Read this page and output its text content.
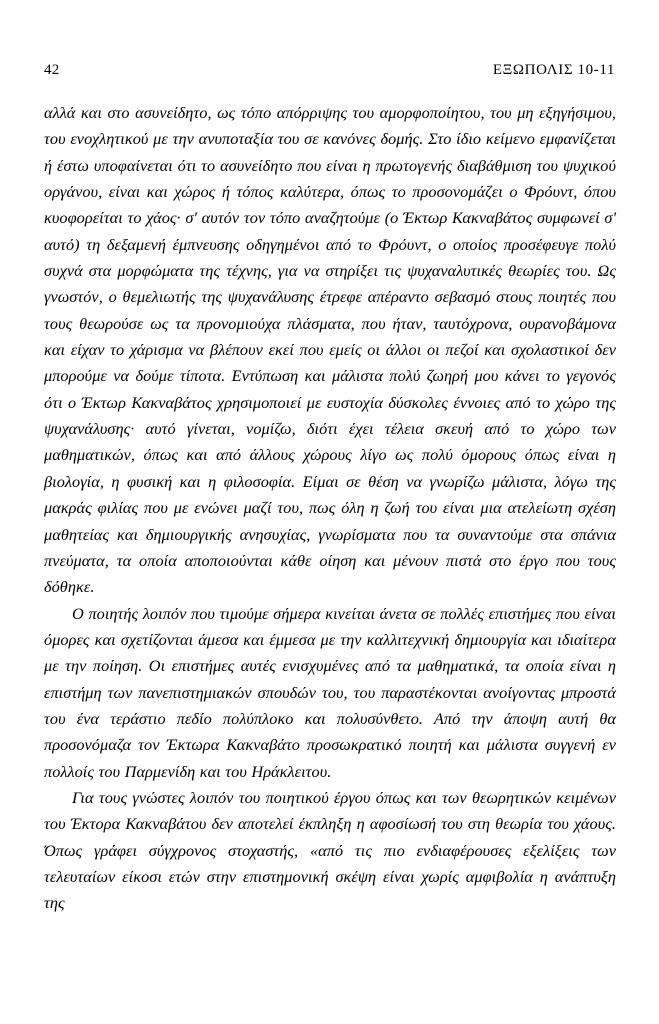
42	ΕΞΩΠΟΛΙΣ 10-11

αλλά και στο ασυνείδητο, ως τόπο απόρριψης του αμορφοποίητου, του μη εξηγήσιμου, του ενοχλητικού με την ανυποταξία του σε κανόνες δομής. Στο ίδιο κείμενο εμφανίζεται ή έστω υποφαίνεται ότι το ασυνείδητο που είναι η πρωτογενής διαβάθμιση του ψυχικού οργάνου, είναι και χώρος ή τόπος καλύτερα, όπως το προσονομάζει ο Φρόυντ, όπου κυοφορείται το χάος· σ' αυτόν τον τόπο αναζητούμε (ο Έκτωρ Κακναβάτος συμφωνεί σ' αυτό) τη δεξαμενή έμπνευσης οδηγημένοι από το Φρόυντ, ο οποίος προσέφευγε πολύ συχνά στα μορφώματα της τέχνης, για να στηρίξει τις ψυχαναλυτικές θεωρίες του. Ως γνωστόν, ο θεμελιωτής της ψυχανάλυσης έτρεφε απέραντο σεβασμό στους ποιητές που τους θεωρούσε ως τα προνομιούχα πλάσματα, που ήταν, ταυτόχρονα, ουρανοβάμονα και είχαν το χάρισμα να βλέπουν εκεί που εμείς οι άλλοι οι πεζοί και σχολαστικοί δεν μπορούμε να δούμε τίποτα. Εντύπωση και μάλιστα πολύ ζωηρή μου κάνει το γεγονός ότι ο Έκτωρ Κακναβάτος χρησιμοποιεί με ευστοχία δύσκολες έννοιες από το χώρο της ψυχανάλυσης· αυτό γίνεται, νομίζω, διότι έχει τέλεια σκευή από το χώρο των μαθηματικών, όπως και από άλλους χώρους λίγο ως πολύ όμορους όπως είναι η βιολογία, η φυσική και η φιλοσοφία. Είμαι σε θέση να γνωρίζω μάλιστα, λόγω της μακράς φιλίας που με ενώνει μαζί του, πως όλη η ζωή του είναι μια ατελείωτη σχέση μαθητείας και δημιουργικής ανησυχίας, γνωρίσματα που τα συναντούμε στα σπάνια πνεύματα, τα οποία αποποιούνται κάθε οίηση και μένουν πιστά στο έργο που τους δόθηκε.

Ο ποιητής λοιπόν που τιμούμε σήμερα κινείται άνετα σε πολλές επιστήμες που είναι όμορες και σχετίζονται άμεσα και έμμεσα με την καλλιτεχνική δημιουργία και ιδιαίτερα με την ποίηση. Οι επιστήμες αυτές ενισχυμένες από τα μαθηματικά, τα οποία είναι η επιστήμη των πανεπιστημιακών σπουδών του, του παραστέκονται ανοίγοντας μπροστά του ένα τεράστιο πεδίο πολύπλοκο και πολυσύνθετο. Από την άποψη αυτή θα προσονόμαζα τον Έκτωρα Κακναβάτο προσωκρατικό ποιητή και μάλιστα συγγενή εν πολλοίς του Παρμενίδη και του Ηράκλειτου.

Για τους γνώστες λοιπόν του ποιητικού έργου όπως και των θεωρητικών κειμένων του Έκτορα Κακναβάτου δεν αποτελεί έκπληξη η αφοσίωσή του στη θεωρία του χάους. Όπως γράφει σύγχρονος στοχαστής, «από τις πιο ενδιαφέρουσες εξελίξεις των τελευταίων είκοσι ετών στην επιστημονική σκέψη είναι χωρίς αμφιβολία η ανάπτυξη της
